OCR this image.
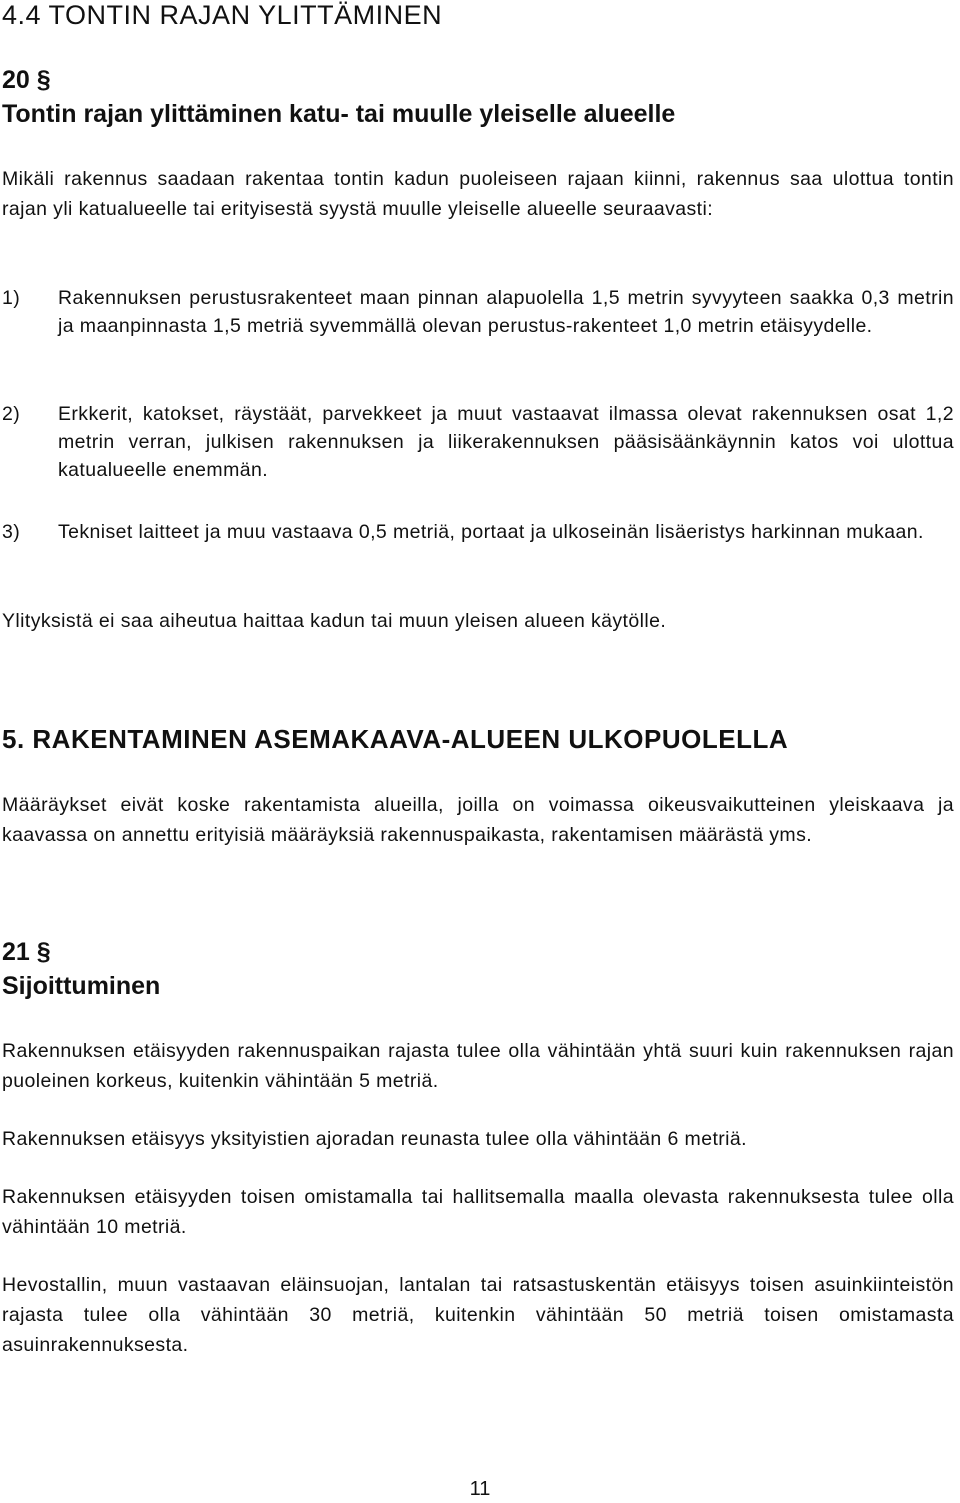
4.4 TONTIN RAJAN YLITTÄMINEN
20 §
Tontin rajan ylittäminen katu- tai muulle yleiselle alueelle
Mikäli rakennus saadaan rakentaa tontin kadun puoleiseen rajaan kiinni, rakennus saa ulottua tontin rajan yli katualueelle tai erityisestä syystä muulle yleiselle alueelle seuraavasti:
1) Rakennuksen perustusrakenteet maan pinnan alapuolella 1,5 metrin syvyyteen saakka 0,3 metrin ja maanpinnasta 1,5 metriä syvemmällä olevan perustus-rakenteet 1,0 metrin etäisyydelle.
2) Erkkerit, katokset, räystäät, parvekkeet ja muut vastaavat ilmassa olevat rakennuksen osat 1,2 metrin verran, julkisen rakennuksen ja liikerakennuksen pääsisäänkäynnin katos voi ulottua katualueelle enemmän.
3) Tekniset laitteet ja muu vastaava 0,5 metriä, portaat ja ulkoseinän lisäeristys harkinnan mukaan.
Ylityksistä ei saa aiheutua haittaa kadun tai muun yleisen alueen käytölle.
5. RAKENTAMINEN ASEMAKAAVA-ALUEEN ULKOPUOLELLA
Määräykset eivät koske rakentamista alueilla, joilla on voimassa oikeusvaikutteinen yleiskaava ja kaavassa on annettu erityisiä määräyksiä rakennuspaikasta, rakentamisen määrästä yms.
21 §
Sijoittuminen
Rakennuksen etäisyyden rakennuspaikan rajasta tulee olla vähintään yhtä suuri kuin rakennuksen rajan puoleinen korkeus, kuitenkin vähintään 5 metriä.
Rakennuksen etäisyys yksityistien ajoradan reunasta tulee olla vähintään 6 metriä.
Rakennuksen etäisyyden toisen omistamalla tai hallitsemalla maalla olevasta rakennuksesta tulee olla vähintään 10 metriä.
Hevostallin, muun vastaavan eläinsuojan, lantalan tai ratsastuskentän etäisyys toisen asuinkiinteistön rajasta tulee olla vähintään 30 metriä, kuitenkin vähintään 50 metriä toisen omistamasta asuinrakennuksesta.
11
